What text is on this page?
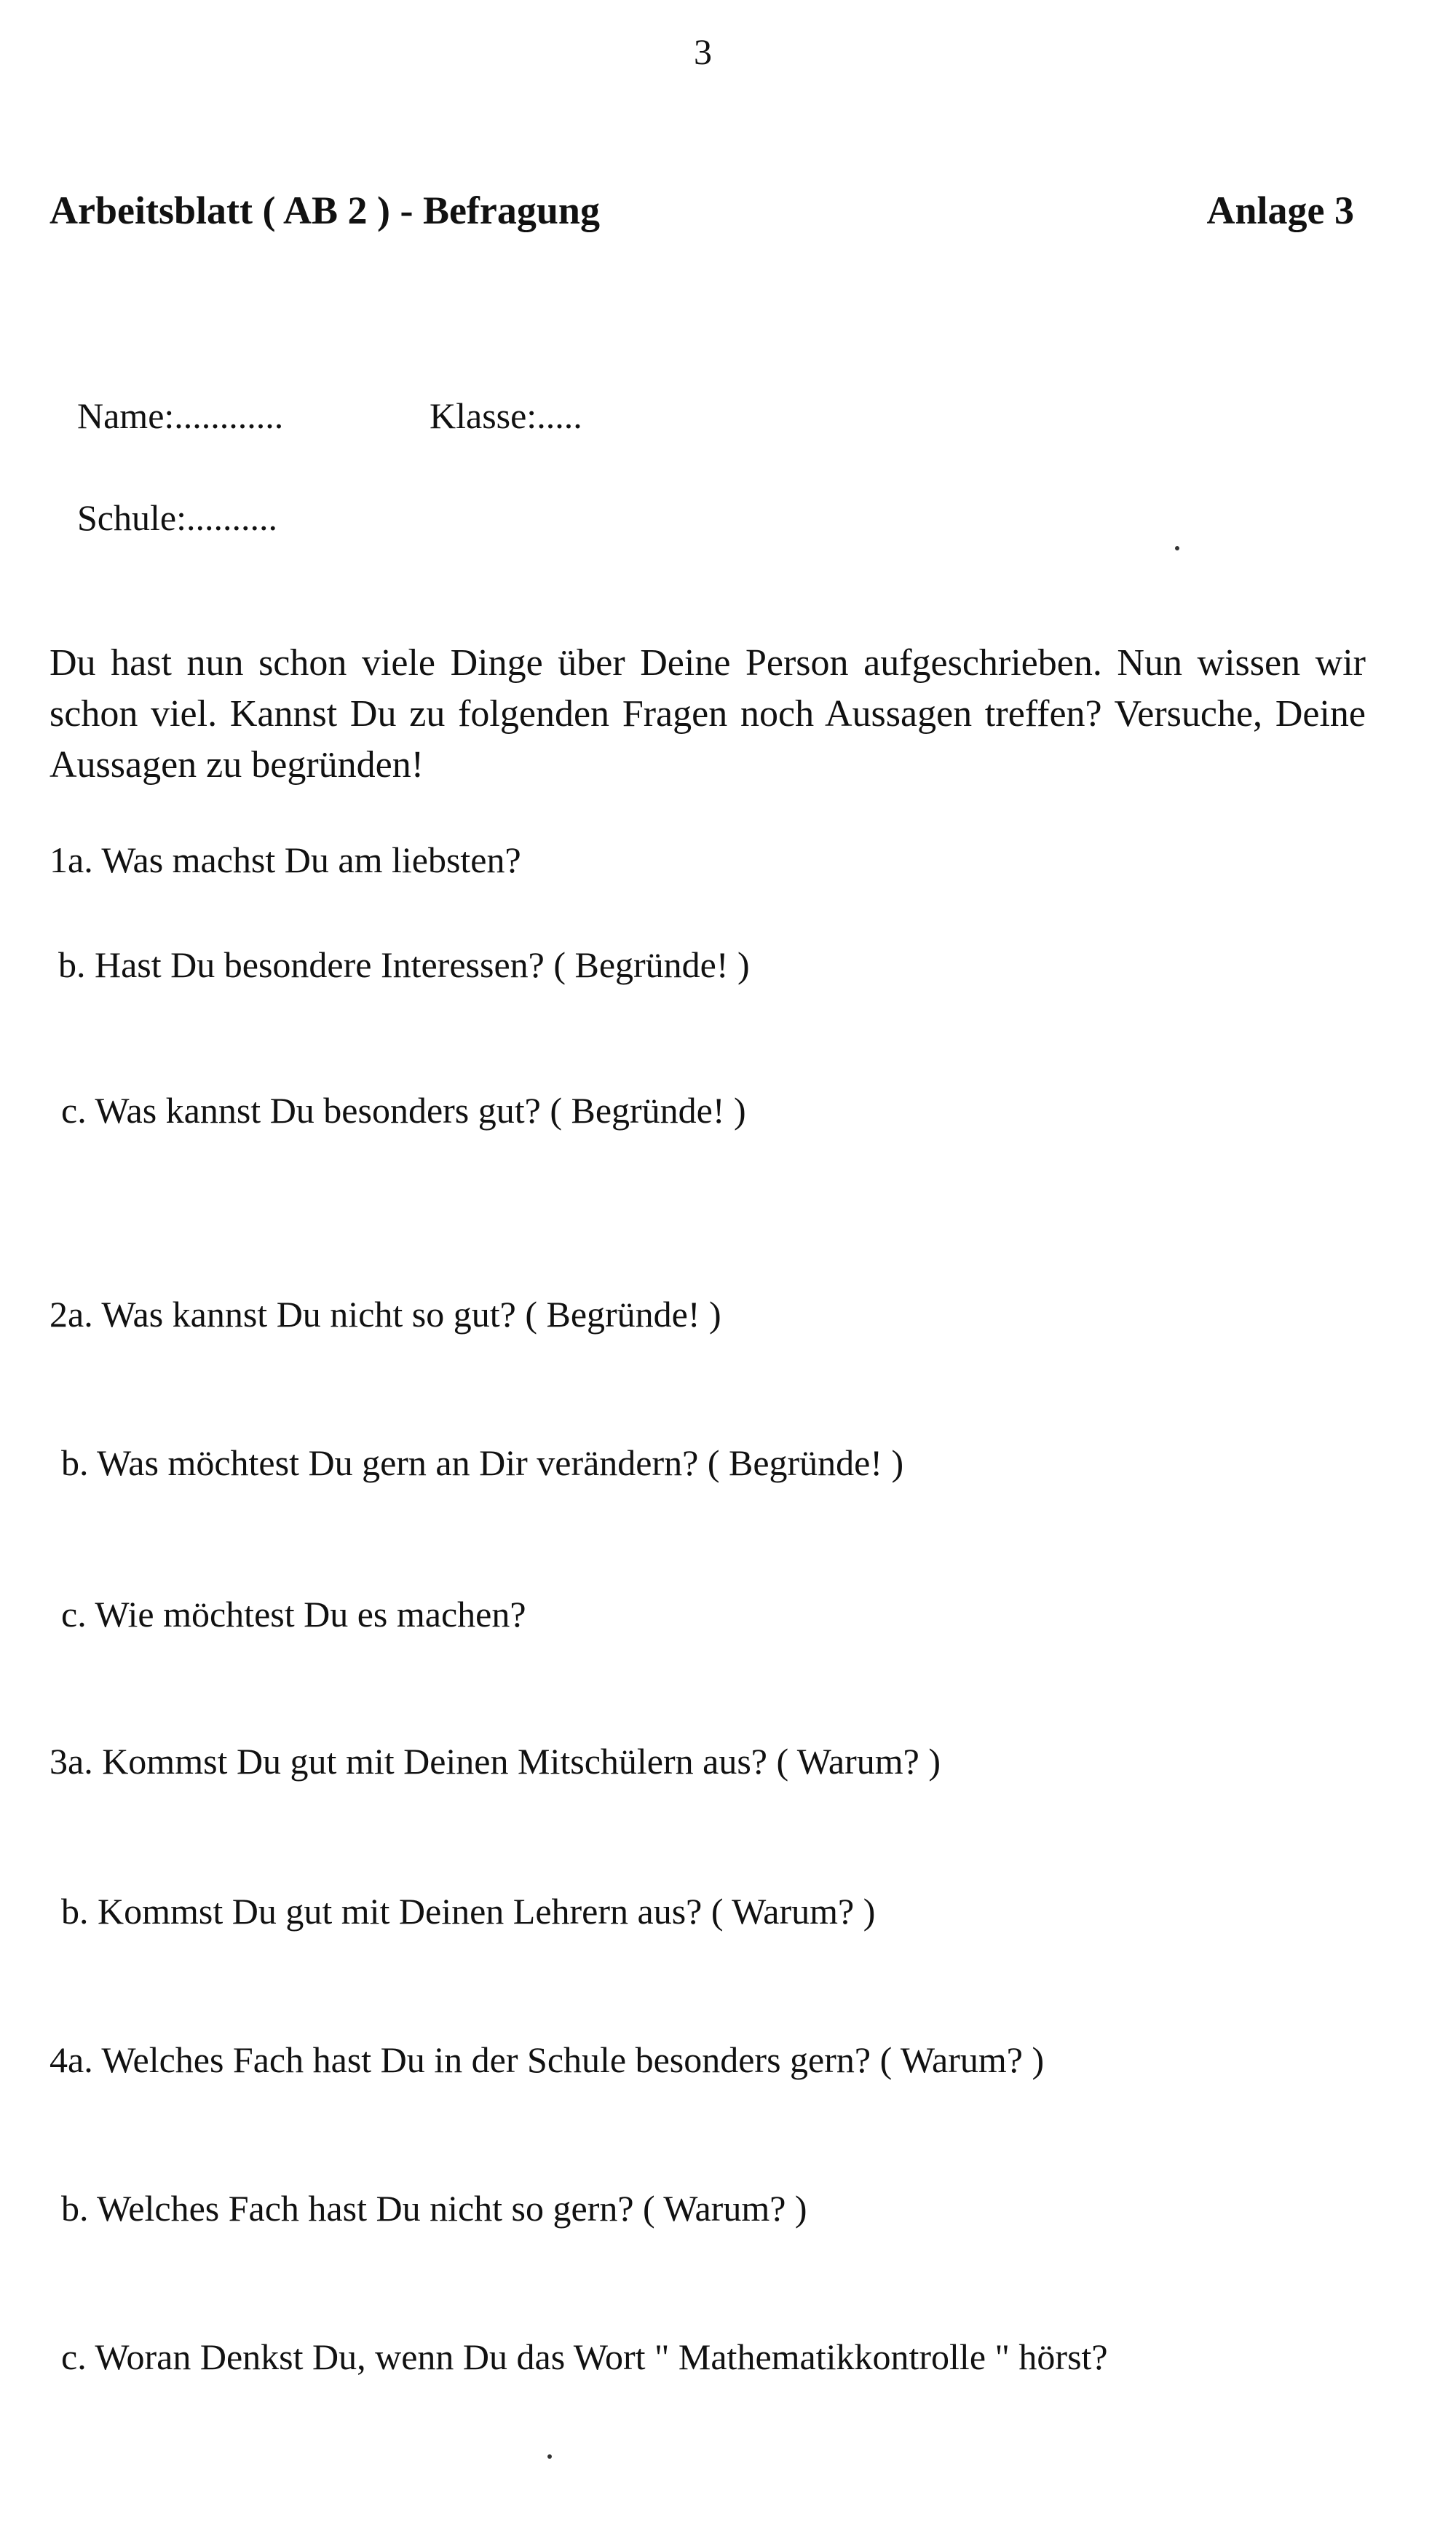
3
Arbeitsblatt ( AB 2 ) - Befragung	Anlage 3
Name:............	Klasse:.....
Schule:..........
Du hast nun schon viele Dinge über Deine Person aufgeschrieben. Nun wissen wir schon viel. Kannst Du zu folgenden Fragen noch Aussagen treffen? Versuche, Deine Aussagen zu begründen!
1a. Was machst Du am liebsten?
b. Hast Du besondere Interessen? ( Begründe! )
c. Was kannst Du besonders gut? ( Begründe! )
2a. Was kannst Du nicht so gut? ( Begründe! )
b. Was möchtest Du gern an Dir verändern? ( Begründe! )
c. Wie möchtest Du es machen?
3a. Kommst Du gut mit Deinen Mitschülern aus? ( Warum? )
b. Kommst Du gut mit Deinen Lehrern aus? ( Warum? )
4a. Welches Fach hast Du in der Schule besonders gern? ( Warum? )
b. Welches Fach hast Du nicht so gern? ( Warum? )
c. Woran Denkst Du, wenn Du das Wort " Mathematikkontrolle " hörst?
